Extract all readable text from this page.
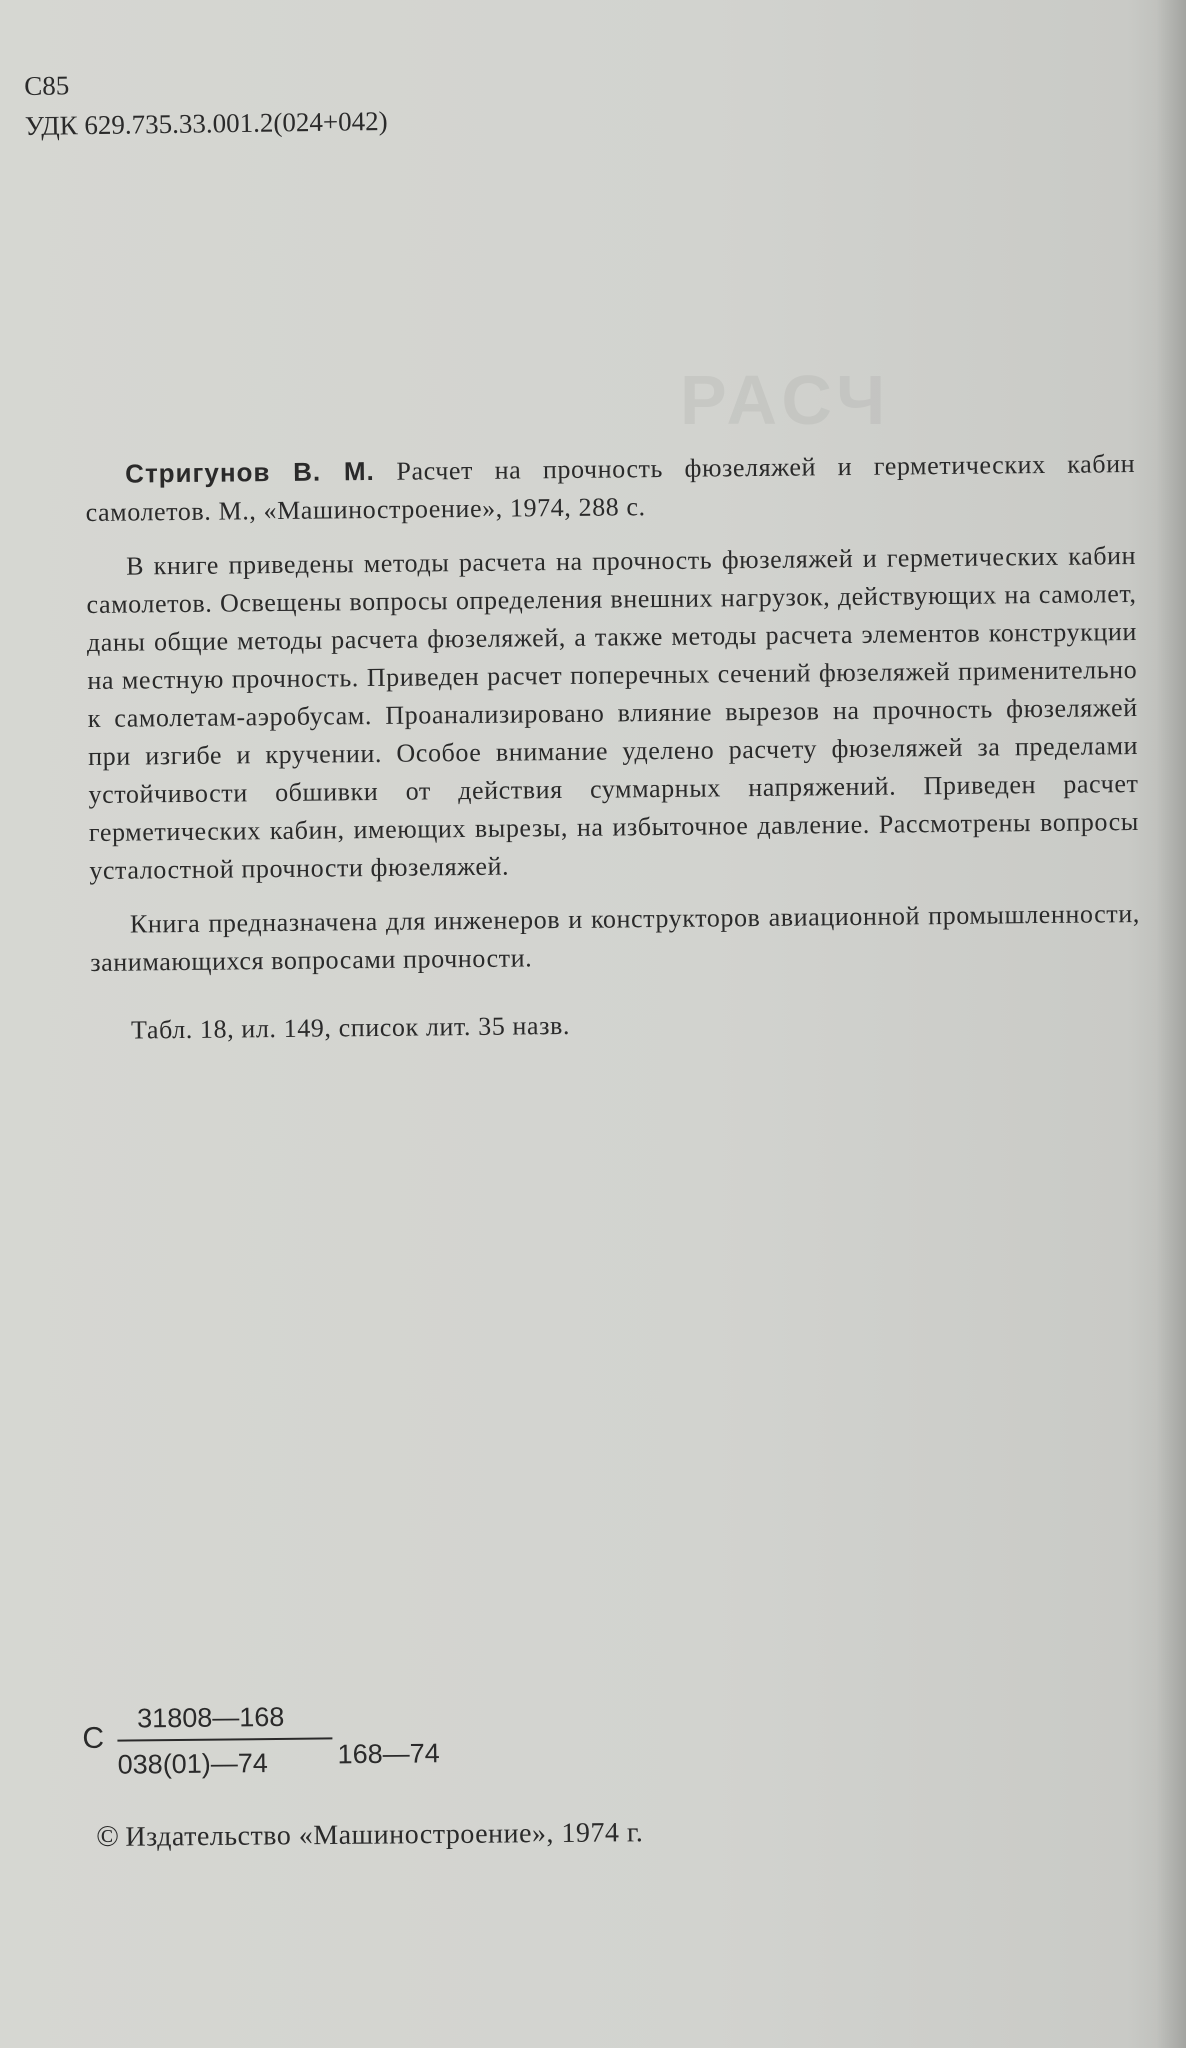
РАСЧ
С85
УДК 629.735.33.001.2(024+042)

Стригунов В. М. Расчет на прочность фюзеляжей и герметических кабин самолетов. М., «Машиностроение», 1974, 288 с.

В книге приведены методы расчета на прочность фюзеляжей и герметических кабин самолетов. Освещены вопросы определения внешних нагрузок, действующих на самолет, даны общие методы расчета фюзеляжей, а также методы расчета элементов конструкции на местную прочность. Приведен расчет поперечных сечений фюзеляжей применительно к самолетам-аэробусам. Проанализировано влияние вырезов на прочность фюзеляжей при изгибе и кручении. Особое внимание уделено расчету фюзеляжей за пределами устойчивости обшивки от действия суммарных напряжений. Приведен расчет герметических кабин, имеющих вырезы, на избыточное давление. Рассмотрены вопросы усталостной прочности фюзеляжей.

Книга предназначена для инженеров и конструкторов авиационной промышленности, занимающихся вопросами прочности.

Табл. 18, ил. 149, список лит. 35 назв.

С
31808—168
038(01)—74	168—74
© Издательство «Машиностроение», 1974 г.
